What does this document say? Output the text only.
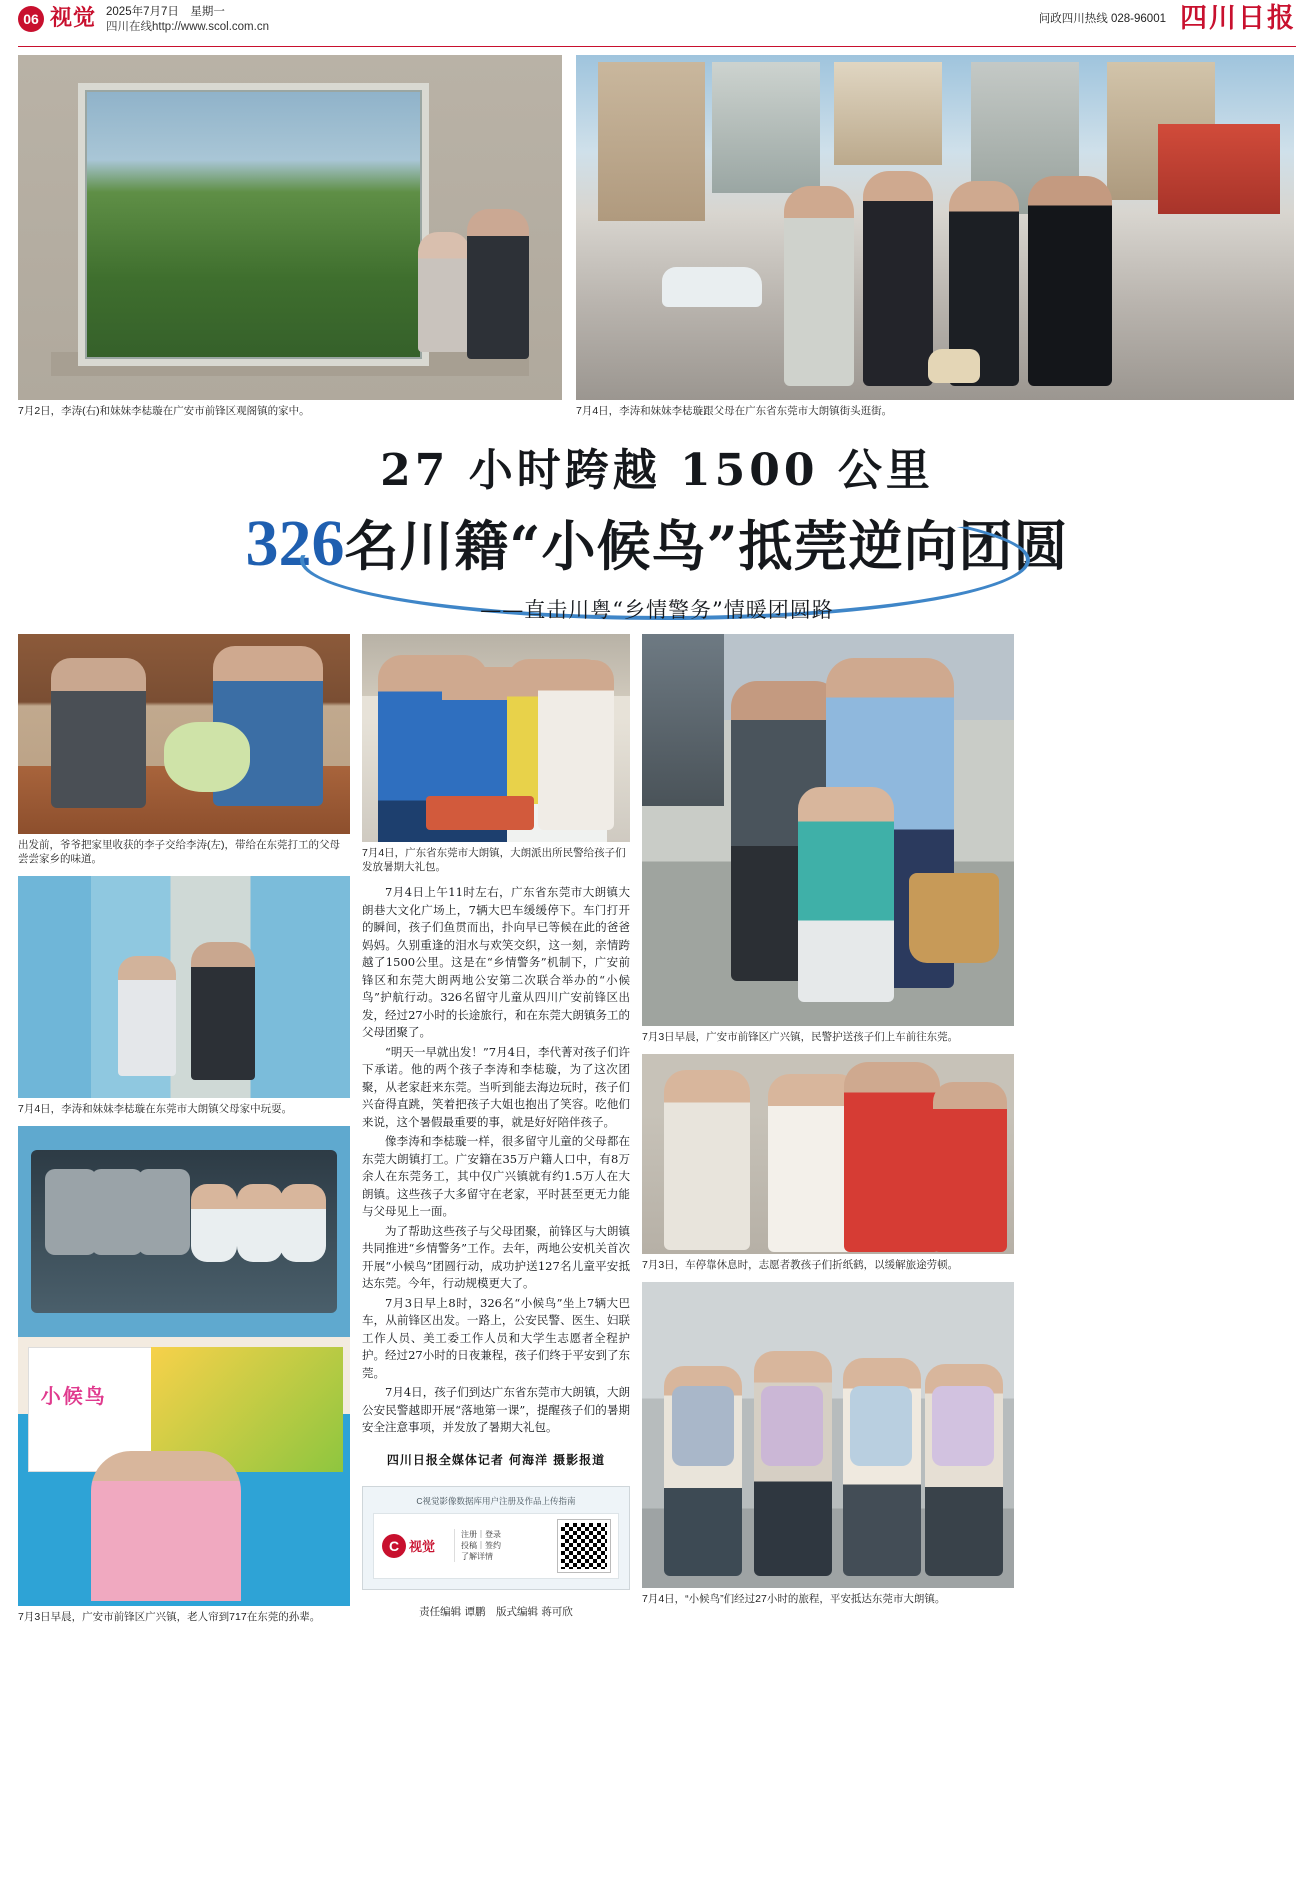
06 视觉 2025年7月7日　星期一
四川在线http://www.scol.com.cn
问政四川热线 028-96001 四川日报
7月2日，李涛(右)和妹妹李梽璇在广安市前锋区观阁镇的家中。	7月4日，李涛和妹妹李梽璇跟父母在广东省东莞市大朗镇街头逛街。
27 小时跨越 1500 公里
326名川籍“小候鸟”抵莞逆向团圆
——直击川粤“乡情警务”情暖团圆路
出发前，爷爷把家里收获的李子交给李涛(左)，带给在东莞打工的父母尝尝家乡的味道。
7月4日，李涛和妹妹李梽璇在东莞市大朗镇父母家中玩耍。
小候鸟
7月3日早晨，广安市前锋区广兴镇，老人帘到717在东莞的孙辈。
7月4日，广东省东莞市大朗镇，大朗派出所民警给孩子们发放暑期大礼包。

7月4日上午11时左右，广东省东莞市大朗镇大朗巷大文化广场上，7辆大巴车缓缓停下。车门打开的瞬间，孩子们鱼贯而出，扑向早已等候在此的爸爸妈妈。久别重逢的泪水与欢笑交织，这一刻，亲情跨越了1500公里。这是在“乡情警务”机制下，广安前锋区和东莞大朗两地公安第二次联合举办的“小候鸟”护航行动。326名留守儿童从四川广安前锋区出发，经过27小时的长途旅行，和在东莞大朗镇务工的父母团聚了。

“明天一早就出发！”7月4日，李代菁对孩子们许下承诺。他的两个孩子李涛和李梽璇，为了这次团聚，从老家赶来东莞。当听到能去海边玩时，孩子们兴奋得直跳，笑着把孩子大姐也抱出了笑容。吃他们来说，这个暑假最重要的事，就是好好陪伴孩子。

像李涛和李梽璇一样，很多留守儿童的父母都在东莞大朗镇打工。广安籍在35万户籍人口中，有8万余人在东莞务工，其中仅广兴镇就有约1.5万人在大朗镇。这些孩子大多留守在老家，平时甚至更无力能与父母见上一面。

为了帮助这些孩子与父母团聚，前锋区与大朗镇共同推进“乡情警务”工作。去年，两地公安机关首次开展“小候鸟”团圆行动，成功护送127名儿童平安抵达东莞。今年，行动规模更大了。

7月3日早上8时，326名“小候鸟”坐上7辆大巴车，从前锋区出发。一路上，公安民警、医生、妇联工作人员、美工委工作人员和大学生志愿者全程护护。经过27小时的日夜兼程，孩子们终于平安到了东莞。

7月4日，孩子们到达广东省东莞市大朗镇，大朗公安民警越即开展“落地第一课”，提醒孩子们的暑期安全注意事项，并发放了暑期大礼包。

四川日报全媒体记者 何海洋 摄影报道
C视觉影像数据库用户注册及作品上传指南
C 视觉
注册｜登录
投稿｜签约
了解详情
责任编辑 谭鹏　版式编辑 蒋可欣
7月3日早晨，广安市前锋区广兴镇，民警护送孩子们上车前往东莞。
7月3日，车停靠休息时，志愿者教孩子们折纸鹤，以缓解旅途劳顿。
7月4日，“小候鸟”们经过27小时的旅程，平安抵达东莞市大朗镇。
